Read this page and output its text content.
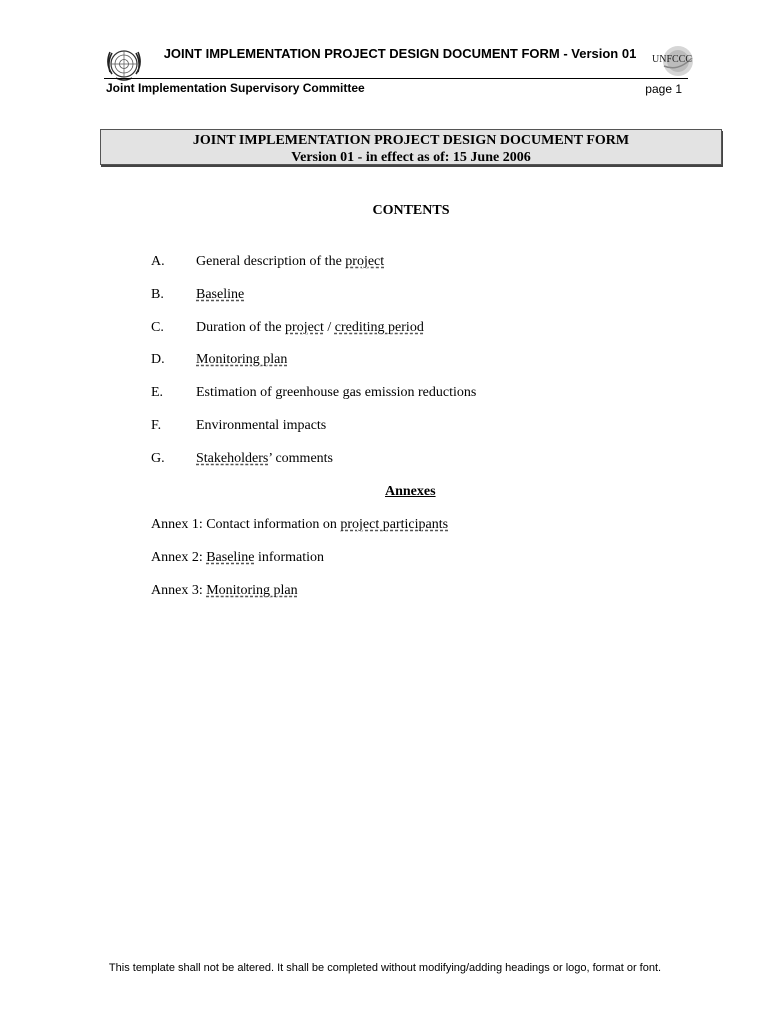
JOINT IMPLEMENTATION PROJECT DESIGN DOCUMENT FORM - Version 01	UNFCCC
Joint Implementation Supervisory Committee	page 1
JOINT IMPLEMENTATION PROJECT DESIGN DOCUMENT FORM
Version 01 - in effect as of: 15 June 2006
CONTENTS
A. General description of the project
B. Baseline
C. Duration of the project / crediting period
D. Monitoring plan
E. Estimation of greenhouse gas emission reductions
F. Environmental impacts
G. Stakeholders’ comments
Annexes
Annex 1: Contact information on project participants
Annex 2: Baseline information
Annex 3: Monitoring plan
This template shall not be altered. It shall be completed without modifying/adding headings or logo, format or font.
